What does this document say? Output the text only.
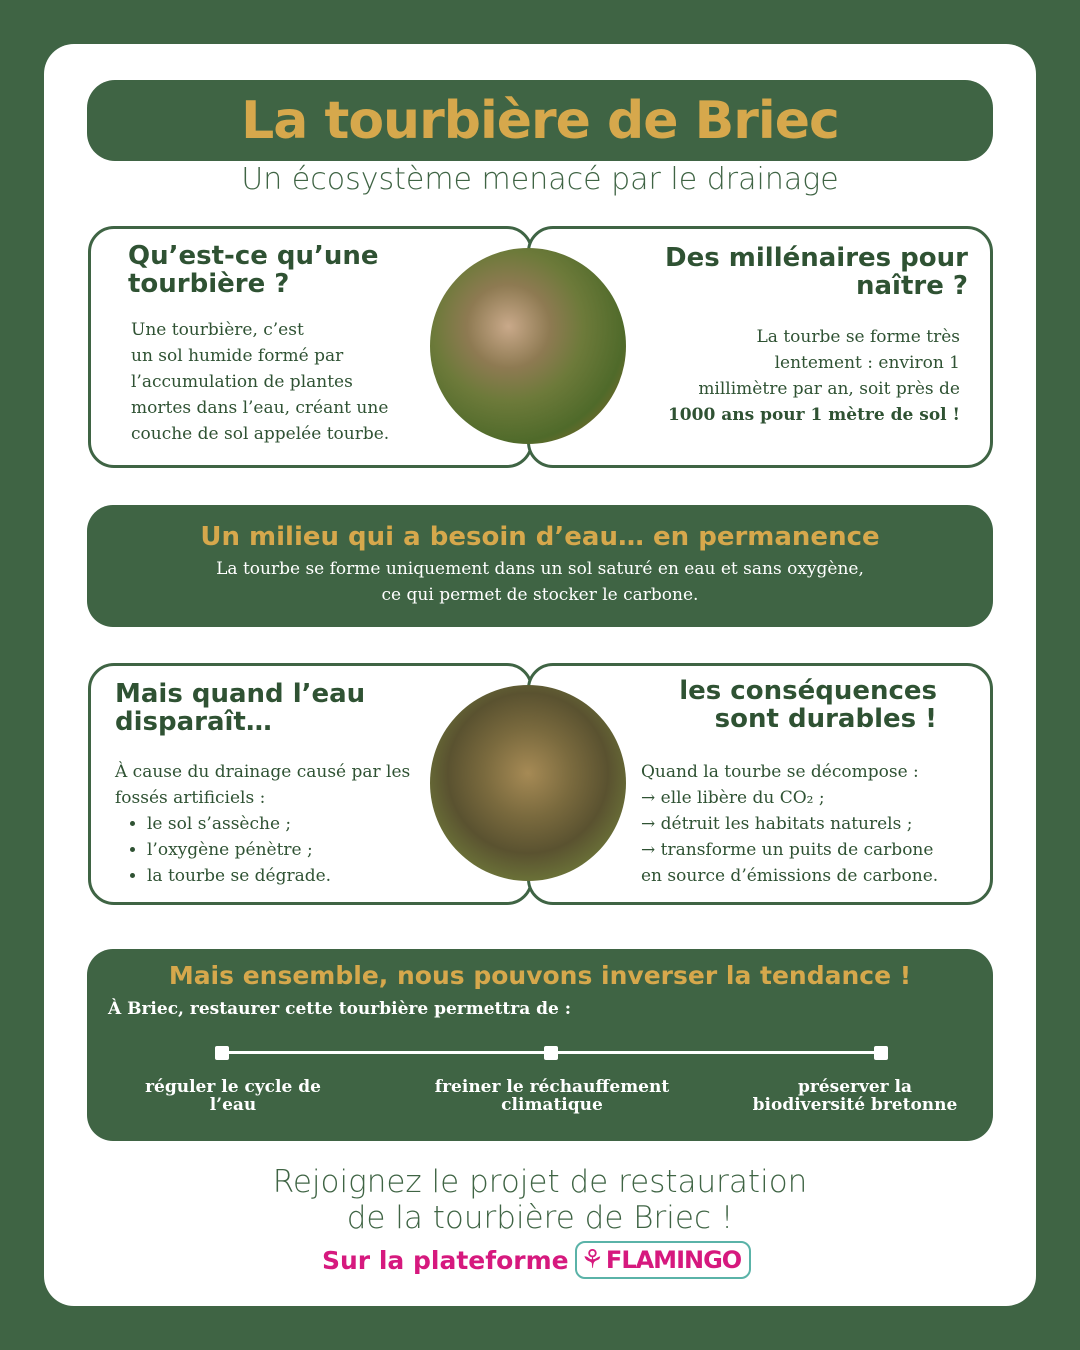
La tourbière de Briec
Un écosystème menacé par le drainage
Qu’est-ce qu’une
tourbière ?
Une tourbière, c’est
un sol humide formé par
l’accumulation de plantes
mortes dans l’eau, créant une
couche de sol appelée tourbe.
Des millénaires pour
naître ?
La tourbe se forme très
lentement : environ 1
millimètre par an, soit près de
1000 ans pour 1 mètre de sol !
Un milieu qui a besoin d’eau… en permanence
La tourbe se forme uniquement dans un sol saturé en eau et sans oxygène,
ce qui permet de stocker le carbone.
Mais quand l’eau
disparaît…
À cause du drainage causé par les
fossés artificiels :
• le sol s’assèche ;
• l’oxygène pénètre ;
• la tourbe se dégrade.
les conséquences
sont durables !
Quand la tourbe se décompose :
→ elle libère du CO₂ ;
→ détruit les habitats naturels ;
→ transforme un puits de carbone
en source d’émissions de carbone.
Mais ensemble, nous pouvons inverser la tendance !
À Briec, restaurer cette tourbière permettra de :
réguler le cycle de
l’eau
freiner le réchauffement
climatique
préserver la
biodiversité bretonne
Rejoignez le projet de restauration
de la tourbière de Briec !
Sur la plateforme ⚘ FLAMINGO
